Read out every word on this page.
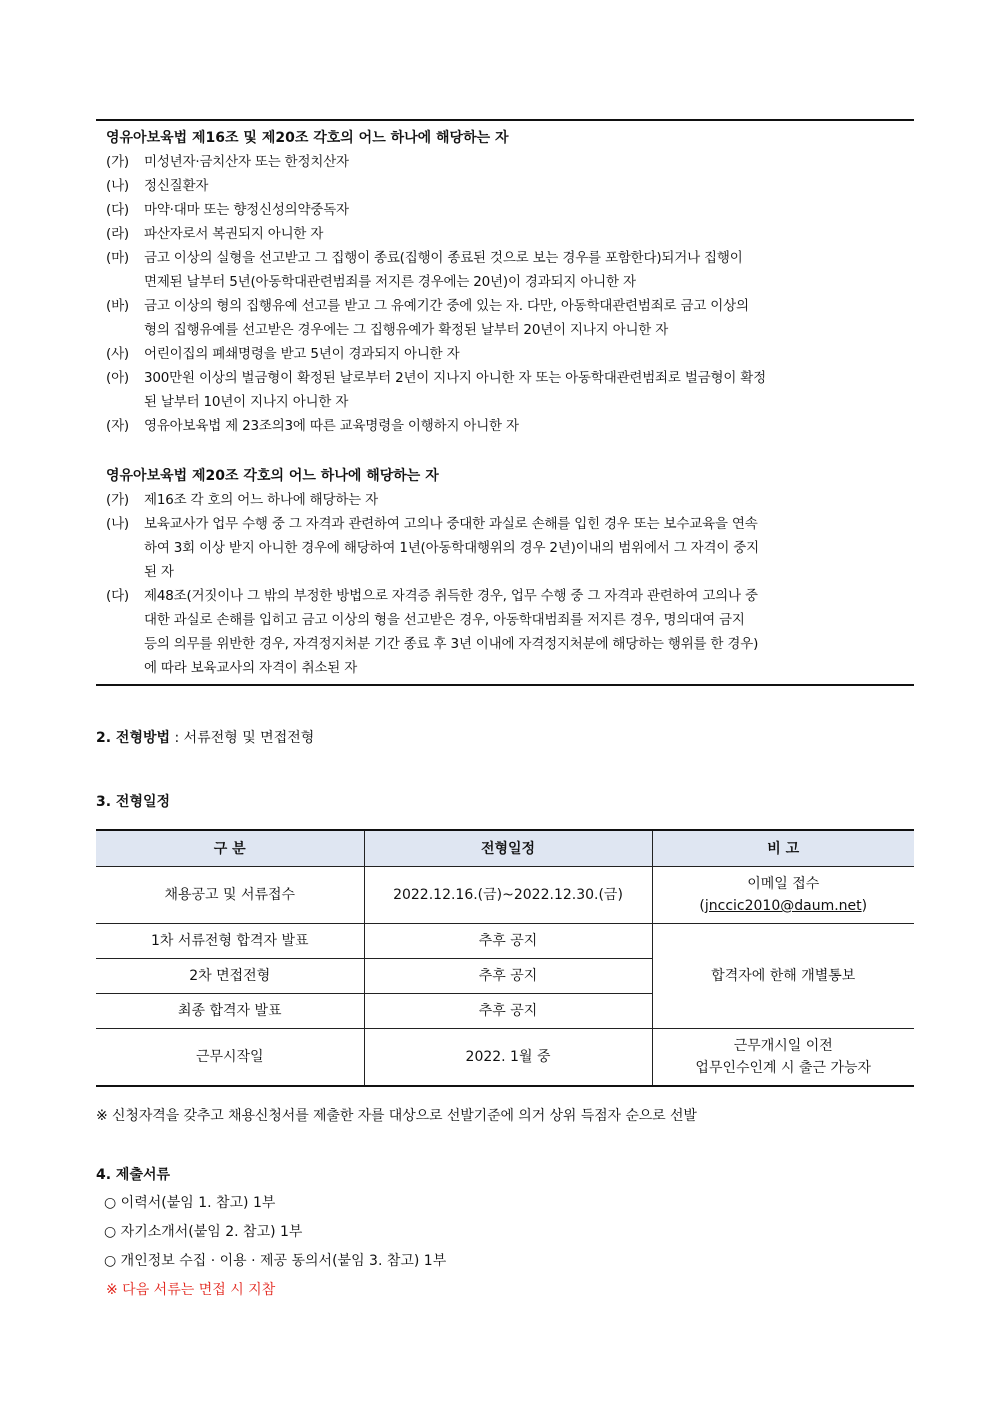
영유아보육법 제16조 및 제20조 각호의 어느 하나에 해당하는 자
(가) 미성년자·금치산자 또는 한정치산자
(나) 정신질환자
(다) 마약·대마 또는 향정신성의약중독자
(라) 파산자로서 복권되지 아니한 자
(마) 금고 이상의 실형을 선고받고 그 집행이 종료(집행이 종료된 것으로 보는 경우를 포함한다)되거나 집행이
면제된 날부터 5년(아동학대관련범죄를 저지른 경우에는 20년)이 경과되지 아니한 자
(바) 금고 이상의 형의 집행유예 선고를 받고 그 유예기간 중에 있는 자. 다만, 아동학대관련범죄로 금고 이상의
형의 집행유예를 선고받은 경우에는 그 집행유예가 확정된 날부터 20년이 지나지 아니한 자
(사) 어린이집의 폐쇄명령을 받고 5년이 경과되지 아니한 자
(아) 300만원 이상의 벌금형이 확정된 날로부터 2년이 지나지 아니한 자 또는 아동학대관련범죄로 벌금형이 확정
된 날부터 10년이 지나지 아니한 자
(자) 영유아보육법 제 23조의3에 따른 교육명령을 이행하지 아니한 자
영유아보육법 제20조 각호의 어느 하나에 해당하는 자
(가) 제16조 각 호의 어느 하나에 해당하는 자
(나) 보육교사가 업무 수행 중 그 자격과 관련하여 고의나 중대한 과실로 손해를 입힌 경우 또는 보수교육을 연속
하여 3회 이상 받지 아니한 경우에 해당하여 1년(아동학대행위의 경우 2년)이내의 범위에서 그 자격이 중지
된 자
(다) 제48조(거짓이나 그 밖의 부정한 방법으로 자격증 취득한 경우, 업무 수행 중 그 자격과 관련하여 고의나 중
대한 과실로 손해를 입히고 금고 이상의 형을 선고받은 경우, 아동학대범죄를 저지른 경우, 명의대여 금지
등의 의무를 위반한 경우, 자격정지처분 기간 종료 후 3년 이내에 자격정지처분에 해당하는 행위를 한 경우)
에 따라 보육교사의 자격이 취소된 자
2. 전형방법 : 서류전형 및 면접전형
3. 전형일정
구 분	전형일정	비 고
채용공고 및 서류접수	2022.12.16.(금)~2022.12.30.(금)	이메일 접수
(jnccic2010@daum.net)

1차 서류전형 합격자 발표	추후 공지	합격자에 한해 개별통보
2차 면접전형	추후 공지	
최종 합격자 발표	추후 공지	
근무시작일	2022. 1월 중	근무개시일 이전
업무인수인계 시 출근 가능자
※ 신청자격을 갖추고 채용신청서를 제출한 자를 대상으로 선발기준에 의거 상위 득점자 순으로 선발
4. 제출서류
○ 이력서(붙임 1. 참고) 1부
○ 자기소개서(붙임 2. 참고) 1부
○ 개인정보 수집 · 이용 · 제공 동의서(붙임 3. 참고) 1부
※ 다음 서류는 면접 시 지참
